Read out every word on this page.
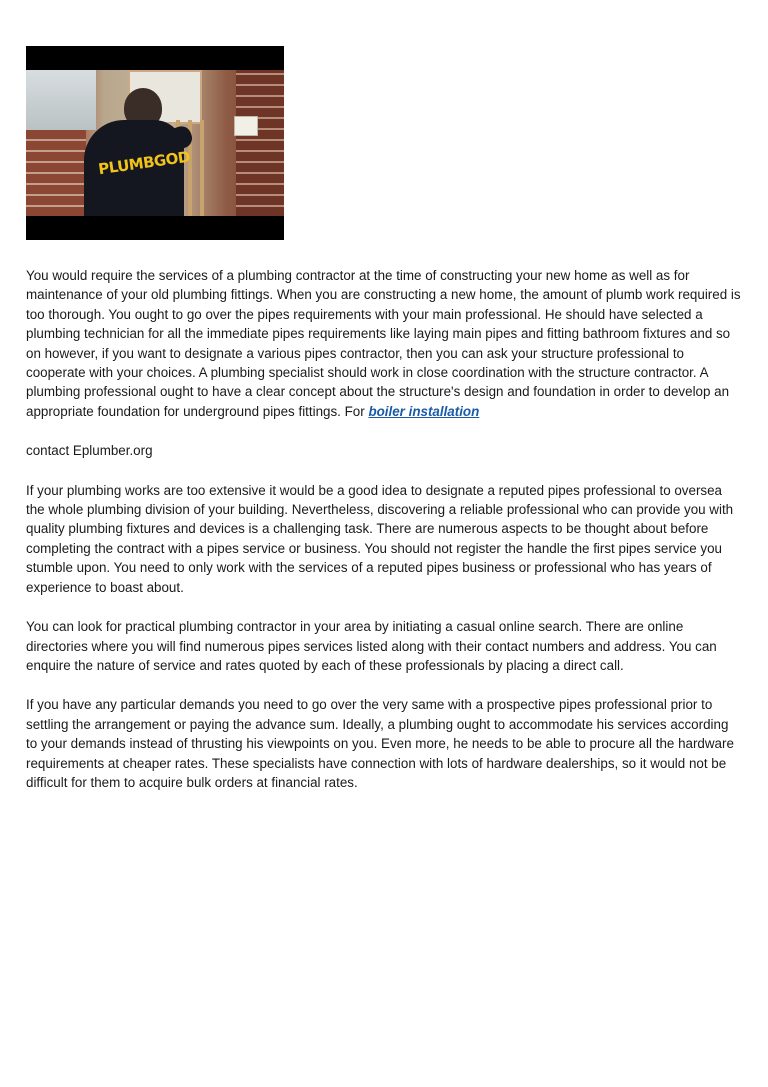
PLUMBGOD

You would require the services of a plumbing contractor at the time of constructing your new home as well as for maintenance of your old plumbing fittings. When you are constructing a new home, the amount of plumb work required is too thorough. You ought to go over the pipes requirements with your main professional. He should have selected a plumbing technician for all the immediate pipes requirements like laying main pipes and fitting bathroom fixtures and so on however, if you want to designate a various pipes contractor, then you can ask your structure professional to cooperate with your choices. A plumbing specialist should work in close coordination with the structure contractor. A plumbing professional ought to have a clear concept about the structure's design and foundation in order to develop an appropriate foundation for underground pipes fittings. For boiler installation

contact Eplumber.org

If your plumbing works are too extensive it would be a good idea to designate a reputed pipes professional to oversea the whole plumbing division of your building. Nevertheless, discovering a reliable professional who can provide you with quality plumbing fixtures and devices is a challenging task. There are numerous aspects to be thought about before completing the contract with a pipes service or business. You should not register the handle the first pipes service you stumble upon. You need to only work with the services of a reputed pipes business or professional who has years of experience to boast about.

You can look for practical plumbing contractor in your area by initiating a casual online search. There are online directories where you will find numerous pipes services listed along with their contact numbers and address. You can enquire the nature of service and rates quoted by each of these professionals by placing a direct call.

If you have any particular demands you need to go over the very same with a prospective pipes professional prior to settling the arrangement or paying the advance sum. Ideally, a plumbing ought to accommodate his services according to your demands instead of thrusting his viewpoints on you. Even more, he needs to be able to procure all the hardware requirements at cheaper rates. These specialists have connection with lots of hardware dealerships, so it would not be difficult for them to acquire bulk orders at financial rates.
